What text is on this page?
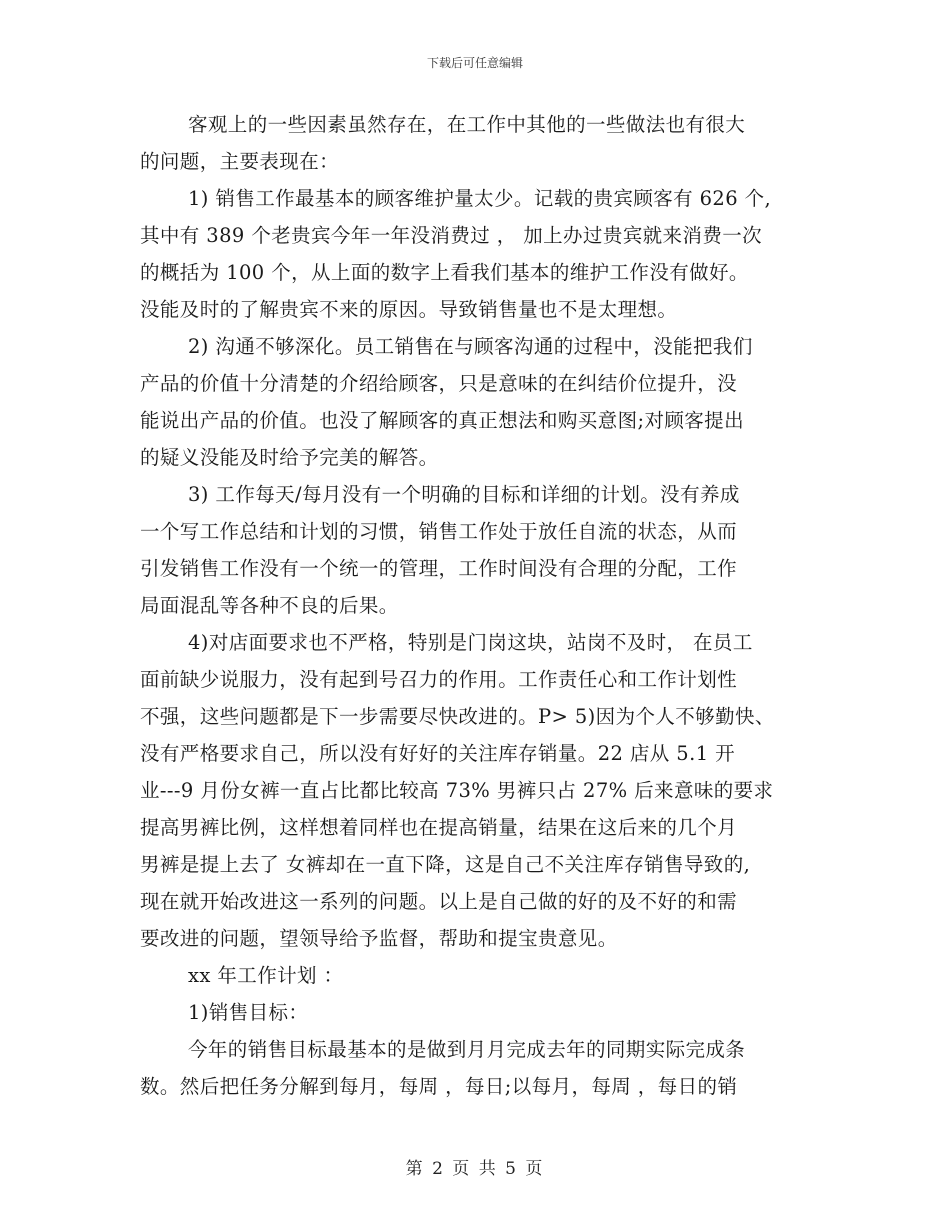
下载后可任意编辑
客观上的一些因素虽然存在，在工作中其他的一些做法也有很大
的问题，主要表现在：
1) 销售工作最基本的顾客维护量太少。记载的贵宾顾客有 626 个,
其中有 389 个老贵宾今年一年没消费过 ， 加上办过贵宾就来消费一次
的概括为 100 个，从上面的数字上看我们基本的维护工作没有做好。
没能及时的了解贵宾不来的原因。导致销售量也不是太理想。
2) 沟通不够深化。员工销售在与顾客沟通的过程中，没能把我们
产品的价值十分清楚的介绍给顾客，只是意味的在纠结价位提升，没
能说出产品的价值。也没了解顾客的真正想法和购买意图;对顾客提出
的疑义没能及时给予完美的解答。
3) 工作每天/每月没有一个明确的目标和详细的计划。没有养成
一个写工作总结和计划的习惯，销售工作处于放任自流的状态，从而
引发销售工作没有一个统一的管理，工作时间没有合理的分配，工作
局面混乱等各种不良的后果。
4)对店面要求也不严格，特别是门岗这块，站岗不及时， 在员工
面前缺少说服力，没有起到号召力的作用。工作责任心和工作计划性
不强，这些问题都是下一步需要尽快改进的。P> 5)因为个人不够勤快、
没有严格要求自己，所以没有好好的关注库存销量。22 店从 5.1 开
业---9 月份女裤一直占比都比较高 73% 男裤只占 27% 后来意味的要求
提高男裤比例，这样想着同样也在提高销量，结果在这后来的几个月
男裤是提上去了 女裤却在一直下降，这是自己不关注库存销售导致的,
现在就开始改进这一系列的问题。以上是自己做的好的及不好的和需
要改进的问题，望领导给予监督，帮助和提宝贵意见。
xx 年工作计划 ：
1)销售目标：
今年的销售目标最基本的是做到月月完成去年的同期实际完成条
数。然后把任务分解到每月，每周 ，每日;以每月，每周 ，每日的销
第 2 页 共 5 页
